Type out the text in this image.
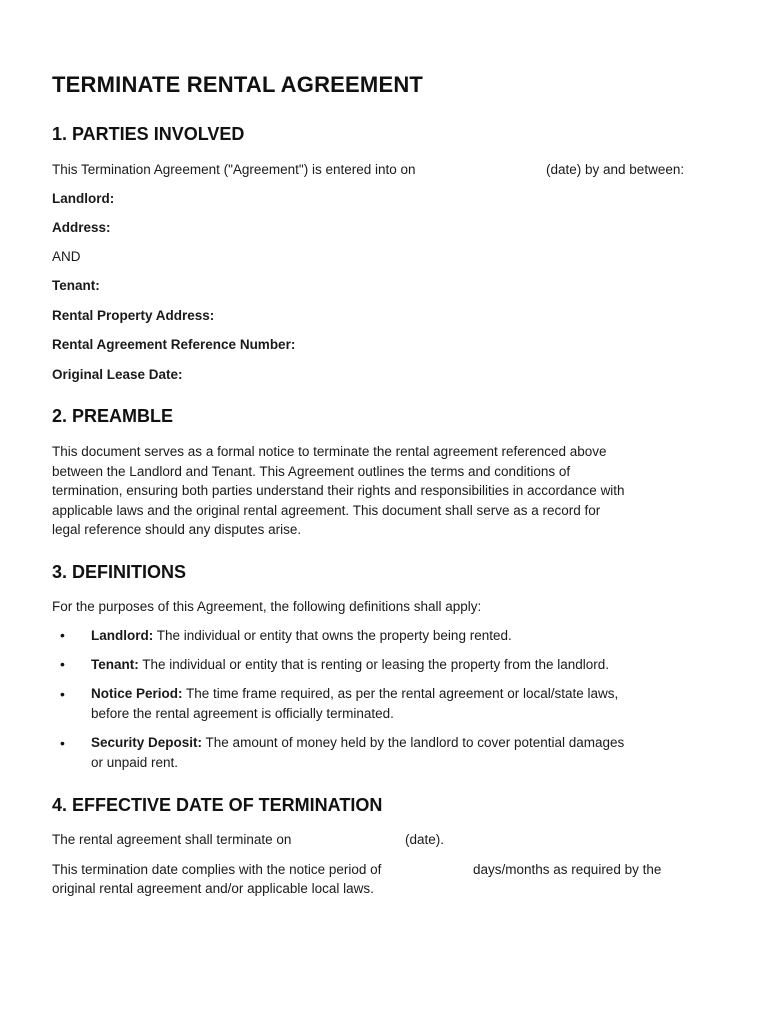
TERMINATE RENTAL AGREEMENT
1. PARTIES INVOLVED
This Termination Agreement ("Agreement") is entered into on	(date) by and between:
Landlord:
Address:
AND
Tenant:
Rental Property Address:
Rental Agreement Reference Number:
Original Lease Date:
2. PREAMBLE
This document serves as a formal notice to terminate the rental agreement referenced above
between the Landlord and Tenant. This Agreement outlines the terms and conditions of
termination, ensuring both parties understand their rights and responsibilities in accordance with
applicable laws and the original rental agreement. This document shall serve as a record for
legal reference should any disputes arise.
3. DEFINITIONS
For the purposes of this Agreement, the following definitions shall apply:
• Landlord: The individual or entity that owns the property being rented.
• Tenant: The individual or entity that is renting or leasing the property from the landlord.
• Notice Period: The time frame required, as per the rental agreement or local/state laws,
before the rental agreement is officially terminated.
• Security Deposit: The amount of money held by the landlord to cover potential damages
or unpaid rent.
4. EFFECTIVE DATE OF TERMINATION
The rental agreement shall terminate on	(date).
This termination date complies with the notice period of	days/months as required by the
original rental agreement and/or applicable local laws.
